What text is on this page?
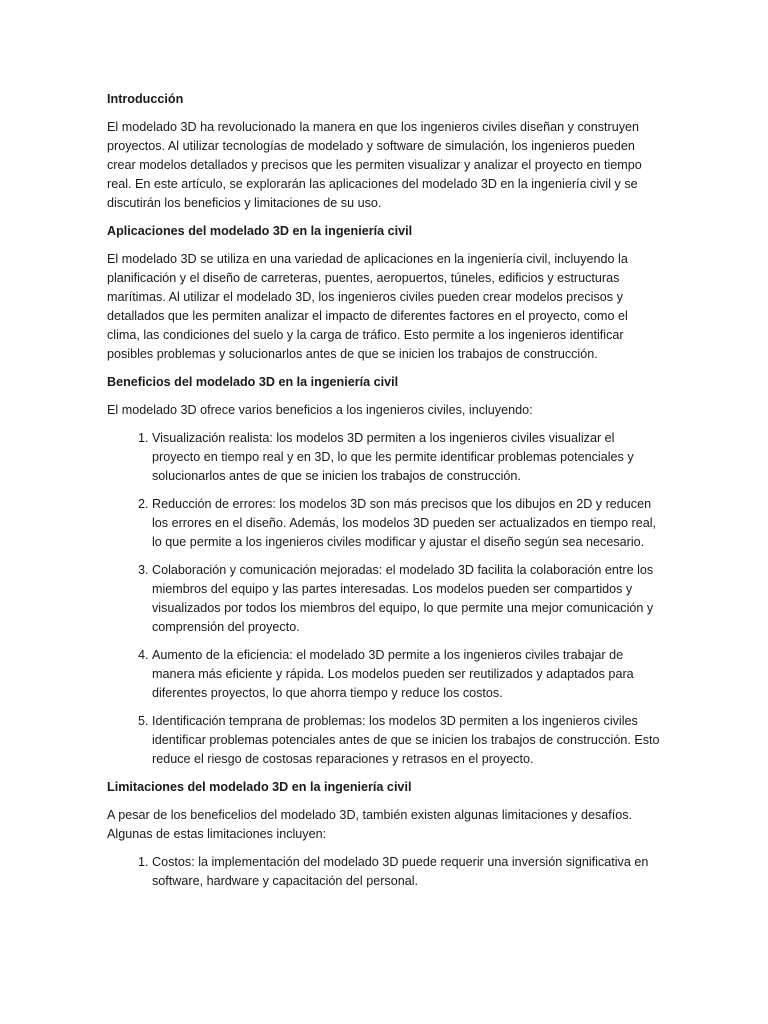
Introducción
El modelado 3D ha revolucionado la manera en que los ingenieros civiles diseñan y construyen proyectos. Al utilizar tecnologías de modelado y software de simulación, los ingenieros pueden crear modelos detallados y precisos que les permiten visualizar y analizar el proyecto en tiempo real. En este artículo, se explorarán las aplicaciones del modelado 3D en la ingeniería civil y se discutirán los beneficios y limitaciones de su uso.
Aplicaciones del modelado 3D en la ingeniería civil
El modelado 3D se utiliza en una variedad de aplicaciones en la ingeniería civil, incluyendo la planificación y el diseño de carreteras, puentes, aeropuertos, túneles, edificios y estructuras marítimas. Al utilizar el modelado 3D, los ingenieros civiles pueden crear modelos precisos y detallados que les permiten analizar el impacto de diferentes factores en el proyecto, como el clima, las condiciones del suelo y la carga de tráfico. Esto permite a los ingenieros identificar posibles problemas y solucionarlos antes de que se inicien los trabajos de construcción.
Beneficios del modelado 3D en la ingeniería civil
El modelado 3D ofrece varios beneficios a los ingenieros civiles, incluyendo:
1. Visualización realista: los modelos 3D permiten a los ingenieros civiles visualizar el proyecto en tiempo real y en 3D, lo que les permite identificar problemas potenciales y solucionarlos antes de que se inicien los trabajos de construcción.
2. Reducción de errores: los modelos 3D son más precisos que los dibujos en 2D y reducen los errores en el diseño. Además, los modelos 3D pueden ser actualizados en tiempo real, lo que permite a los ingenieros civiles modificar y ajustar el diseño según sea necesario.
3. Colaboración y comunicación mejoradas: el modelado 3D facilita la colaboración entre los miembros del equipo y las partes interesadas. Los modelos pueden ser compartidos y visualizados por todos los miembros del equipo, lo que permite una mejor comunicación y comprensión del proyecto.
4. Aumento de la eficiencia: el modelado 3D permite a los ingenieros civiles trabajar de manera más eficiente y rápida. Los modelos pueden ser reutilizados y adaptados para diferentes proyectos, lo que ahorra tiempo y reduce los costos.
5. Identificación temprana de problemas: los modelos 3D permiten a los ingenieros civiles identificar problemas potenciales antes de que se inicien los trabajos de construcción. Esto reduce el riesgo de costosas reparaciones y retrasos en el proyecto.
Limitaciones del modelado 3D en la ingeniería civil
A pesar de los beneficelios del modelado 3D, también existen algunas limitaciones y desafíos. Algunas de estas limitaciones incluyen:
1. Costos: la implementación del modelado 3D puede requerir una inversión significativa en software, hardware y capacitación del personal.
